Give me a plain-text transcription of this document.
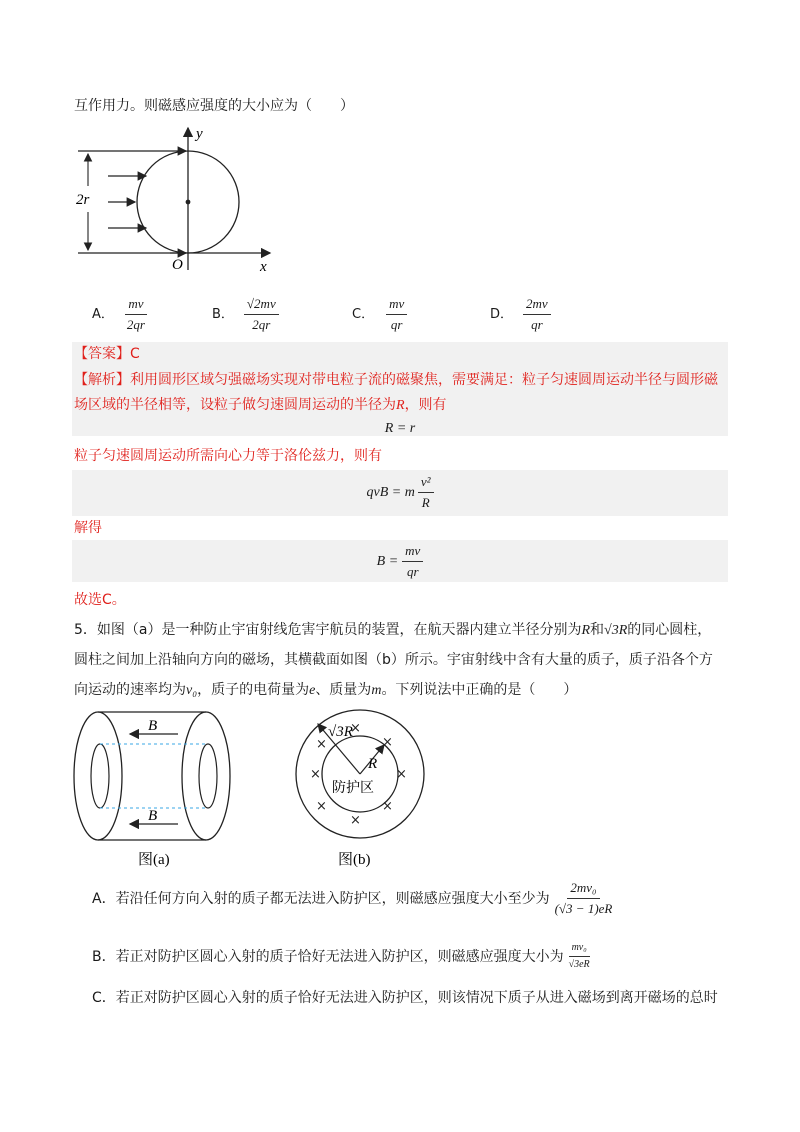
互作用力。则磁感应强度的大小应为（　　）
y
x
O
2r
A． $\frac{mv}{2qr}$	B． $\frac{√2mv}{2qr}$	C． $\frac{mv}{qr}$	D． $\frac{2mv}{qr}$
【答案】C
【解析】利用圆形区域匀强磁场实现对带电粒子流的磁聚焦，需要满足：粒子匀速圆周运动半径与圆形磁
场区域的半径相等，设粒子做匀速圆周运动的半径为R，则有
R = r
粒子匀速圆周运动所需向心力等于洛伦兹力，则有
qvB = m $\frac{\text{v²}}{R}$
解得
$B = \frac{mv}{qr}$
故选C。
5．如图（a）是一种防止宇宙射线危害宇航员的装置，在航天器内建立半径分别为R和√3R的同心圆柱，
圆柱之间加上沿轴向方向的磁场，其横截面如图（b）所示。宇宙射线中含有大量的质子，质子沿各个方
向运动的速率均为v₀，质子的电荷量为e、质量为m。下列说法中正确的是（　　）
B
B
图(a)
√3R
R
防护区
×
×
×
×
×
×
×
×
图(b)
A．若沿任何方向入射的质子都无法进入防护区，则磁感应强度大小至少为 $\frac{\text{2mv₀}}{(√3 - 1)eR}$
B．若正对防护区圆心入射的质子恰好无法进入防护区，则磁感应强度大小为 $\frac{\text{mv₀}}{√3eR}$
C．若正对防护区圆心入射的质子恰好无法进入防护区，则该情况下质子从进入磁场到离开磁场的总时
